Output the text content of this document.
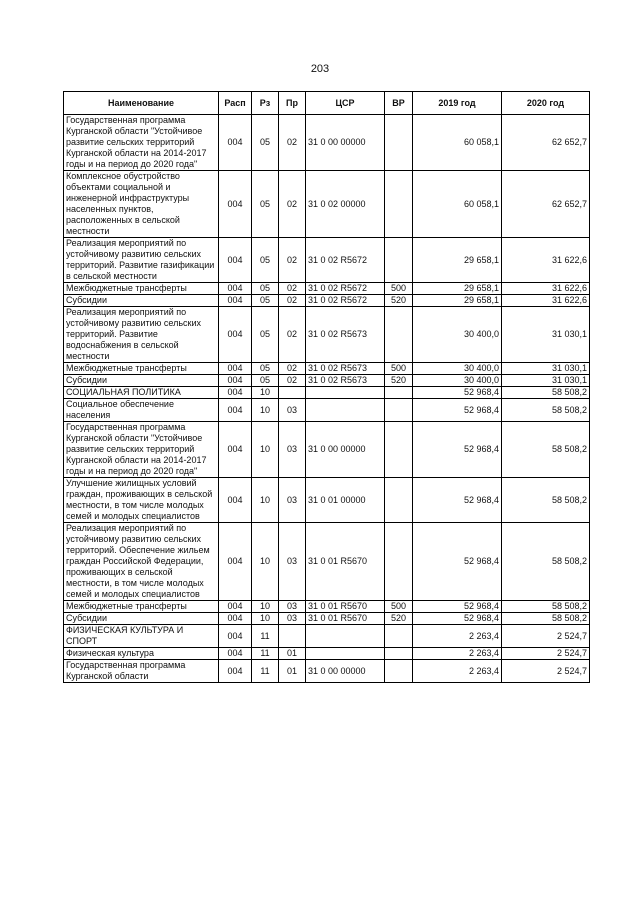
203
Наименование	Расп	Рз	Пр	ЦСР	ВР	2019 год	2020 год
Государственная программа Курганской области "Устойчивое развитие сельских территорий Курганской области на 2014-2017 годы и на период до 2020 года"	004	05	02	31 0 00 00000		60 058,1	62 652,7
Комплексное обустройство объектами социальной и инженерной инфраструктуры населенных пунктов, расположенных в сельской местности	004	05	02	31 0 02 00000		60 058,1	62 652,7
Реализация мероприятий по устойчивому развитию сельских территорий. Развитие газификации в сельской местности	004	05	02	31 0 02 R5672		29 658,1	31 622,6
Межбюджетные трансферты	004	05	02	31 0 02 R5672	500	29 658,1	31 622,6
Субсидии	004	05	02	31 0 02 R5672	520	29 658,1	31 622,6
Реализация мероприятий по устойчивому развитию сельских территорий. Развитие водоснабжения в сельской местности	004	05	02	31 0 02 R5673		30 400,0	31 030,1
Межбюджетные трансферты	004	05	02	31 0 02 R5673	500	30 400,0	31 030,1
Субсидии	004	05	02	31 0 02 R5673	520	30 400,0	31 030,1
СОЦИАЛЬНАЯ ПОЛИТИКА	004	10				52 968,4	58 508,2
Социальное обеспечение населения	004	10	03			52 968,4	58 508,2
Государственная программа Курганской области "Устойчивое развитие сельских территорий Курганской области на 2014-2017 годы и на период до 2020 года"	004	10	03	31 0 00 00000		52 968,4	58 508,2
Улучшение жилищных условий граждан, проживающих в сельской местности, в том числе молодых семей и молодых специалистов	004	10	03	31 0 01 00000		52 968,4	58 508,2
Реализация мероприятий по устойчивому развитию сельских территорий. Обеспечение жильем граждан Российской Федерации, проживающих в сельской местности, в том числе молодых семей и молодых специалистов	004	10	03	31 0 01 R5670		52 968,4	58 508,2
Межбюджетные трансферты	004	10	03	31 0 01 R5670	500	52 968,4	58 508,2
Субсидии	004	10	03	31 0 01 R5670	520	52 968,4	58 508,2
ФИЗИЧЕСКАЯ КУЛЬТУРА И СПОРТ	004	11				2 263,4	2 524,7
Физическая культура	004	11	01			2 263,4	2 524,7
Государственная программа Курганской области	004	11	01	31 0 00 00000		2 263,4	2 524,7
